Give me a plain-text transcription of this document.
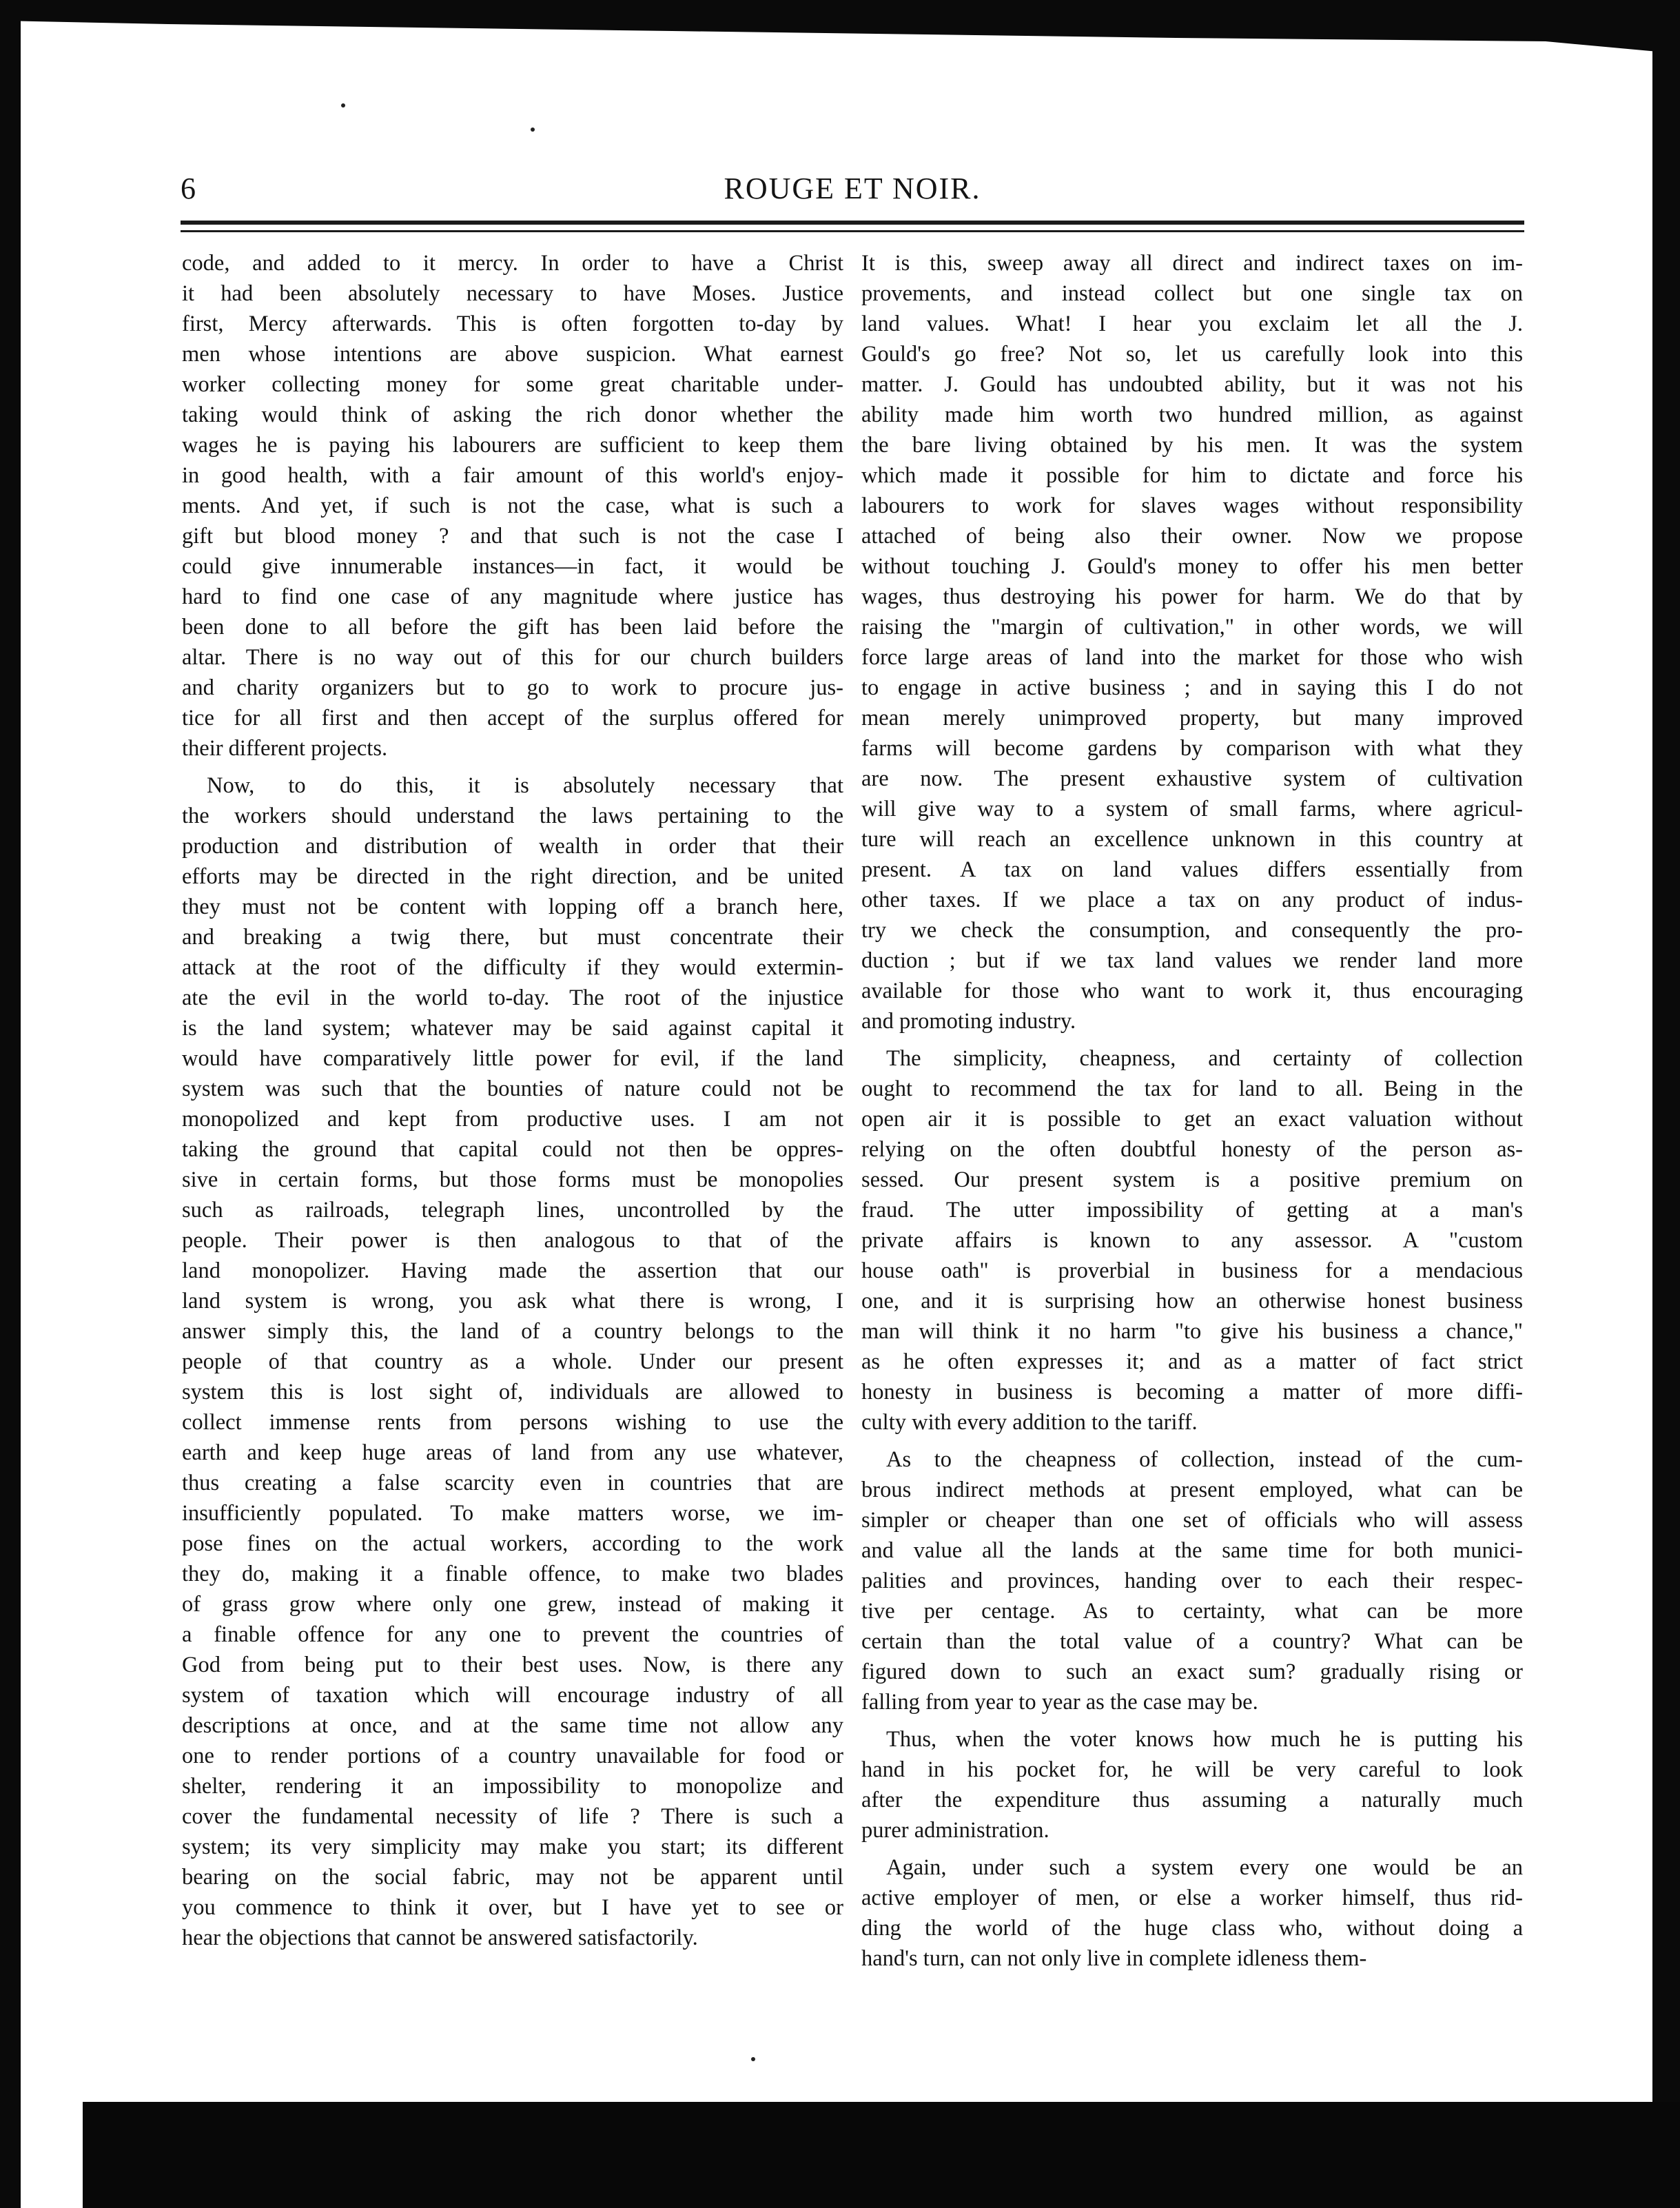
6	ROUGE ET NOIR.
code, and added to it mercy. In order to have a Christ
it had been absolutely necessary to have Moses. Justice
first, Mercy afterwards. This is often forgotten to-day by
men whose intentions are above suspicion. What earnest
worker collecting money for some great charitable under-
taking would think of asking the rich donor whether the
wages he is paying his labourers are sufficient to keep them
in good health, with a fair amount of this world's enjoy-
ments. And yet, if such is not the case, what is such a
gift but blood money ? and that such is not the case I
could give innumerable instances—in fact, it would be
hard to find one case of any magnitude where justice has
been done to all before the gift has been laid before the
altar. There is no way out of this for our church builders
and charity organizers but to go to work to procure jus-
tice for all first and then accept of the surplus offered for
their different projects.
Now, to do this, it is absolutely necessary that
the workers should understand the laws pertaining to the
production and distribution of wealth in order that their
efforts may be directed in the right direction, and be united
they must not be content with lopping off a branch here,
and breaking a twig there, but must concentrate their
attack at the root of the difficulty if they would extermin-
ate the evil in the world to-day. The root of the injustice
is the land system; whatever may be said against capital it
would have comparatively little power for evil, if the land
system was such that the bounties of nature could not be
monopolized and kept from productive uses. I am not
taking the ground that capital could not then be oppres-
sive in certain forms, but those forms must be monopolies
such as railroads, telegraph lines, uncontrolled by the
people. Their power is then analogous to that of the
land monopolizer. Having made the assertion that our
land system is wrong, you ask what there is wrong, I
answer simply this, the land of a country belongs to the
people of that country as a whole. Under our present
system this is lost sight of, individuals are allowed to
collect immense rents from persons wishing to use the
earth and keep huge areas of land from any use whatever,
thus creating a false scarcity even in countries that are
insufficiently populated. To make matters worse, we im-
pose fines on the actual workers, according to the work
they do, making it a finable offence, to make two blades
of grass grow where only one grew, instead of making it
a finable offence for any one to prevent the countries of
God from being put to their best uses. Now, is there any
system of taxation which will encourage industry of all
descriptions at once, and at the same time not allow any
one to render portions of a country unavailable for food or
shelter, rendering it an impossibility to monopolize and
cover the fundamental necessity of life ? There is such a
system; its very simplicity may make you start; its different
bearing on the social fabric, may not be apparent until
you commence to think it over, but I have yet to see or
hear the objections that cannot be answered satisfactorily.
It is this, sweep away all direct and indirect taxes on im-
provements, and instead collect but one single tax on
land values. What! I hear you exclaim let all the J.
Gould's go free? Not so, let us carefully look into this
matter. J. Gould has undoubted ability, but it was not his
ability made him worth two hundred million, as against
the bare living obtained by his men. It was the system
which made it possible for him to dictate and force his
labourers to work for slaves wages without responsibility
attached of being also their owner. Now we propose
without touching J. Gould's money to offer his men better
wages, thus destroying his power for harm. We do that by
raising the "margin of cultivation," in other words, we will
force large areas of land into the market for those who wish
to engage in active business ; and in saying this I do not
mean merely unimproved property, but many improved
farms will become gardens by comparison with what they
are now. The present exhaustive system of cultivation
will give way to a system of small farms, where agricul-
ture will reach an excellence unknown in this country at
present. A tax on land values differs essentially from
other taxes. If we place a tax on any product of indus-
try we check the consumption, and consequently the pro-
duction ; but if we tax land values we render land more
available for those who want to work it, thus encouraging
and promoting industry.
The simplicity, cheapness, and certainty of collection
ought to recommend the tax for land to all. Being in the
open air it is possible to get an exact valuation without
relying on the often doubtful honesty of the person as-
sessed. Our present system is a positive premium on
fraud. The utter impossibility of getting at a man's
private affairs is known to any assessor. A "custom
house oath" is proverbial in business for a mendacious
one, and it is surprising how an otherwise honest business
man will think it no harm "to give his business a chance,"
as he often expresses it; and as a matter of fact strict
honesty in business is becoming a matter of more diffi-
culty with every addition to the tariff.
As to the cheapness of collection, instead of the cum-
brous indirect methods at present employed, what can be
simpler or cheaper than one set of officials who will assess
and value all the lands at the same time for both munici-
palities and provinces, handing over to each their respec-
tive per centage. As to certainty, what can be more
certain than the total value of a country? What can be
figured down to such an exact sum? gradually rising or
falling from year to year as the case may be.
Thus, when the voter knows how much he is putting his
hand in his pocket for, he will be very careful to look
after the expenditure thus assuming a naturally much
purer administration.
Again, under such a system every one would be an
active employer of men, or else a worker himself, thus rid-
ding the world of the huge class who, without doing a
hand's turn, can not only live in complete idleness them-
